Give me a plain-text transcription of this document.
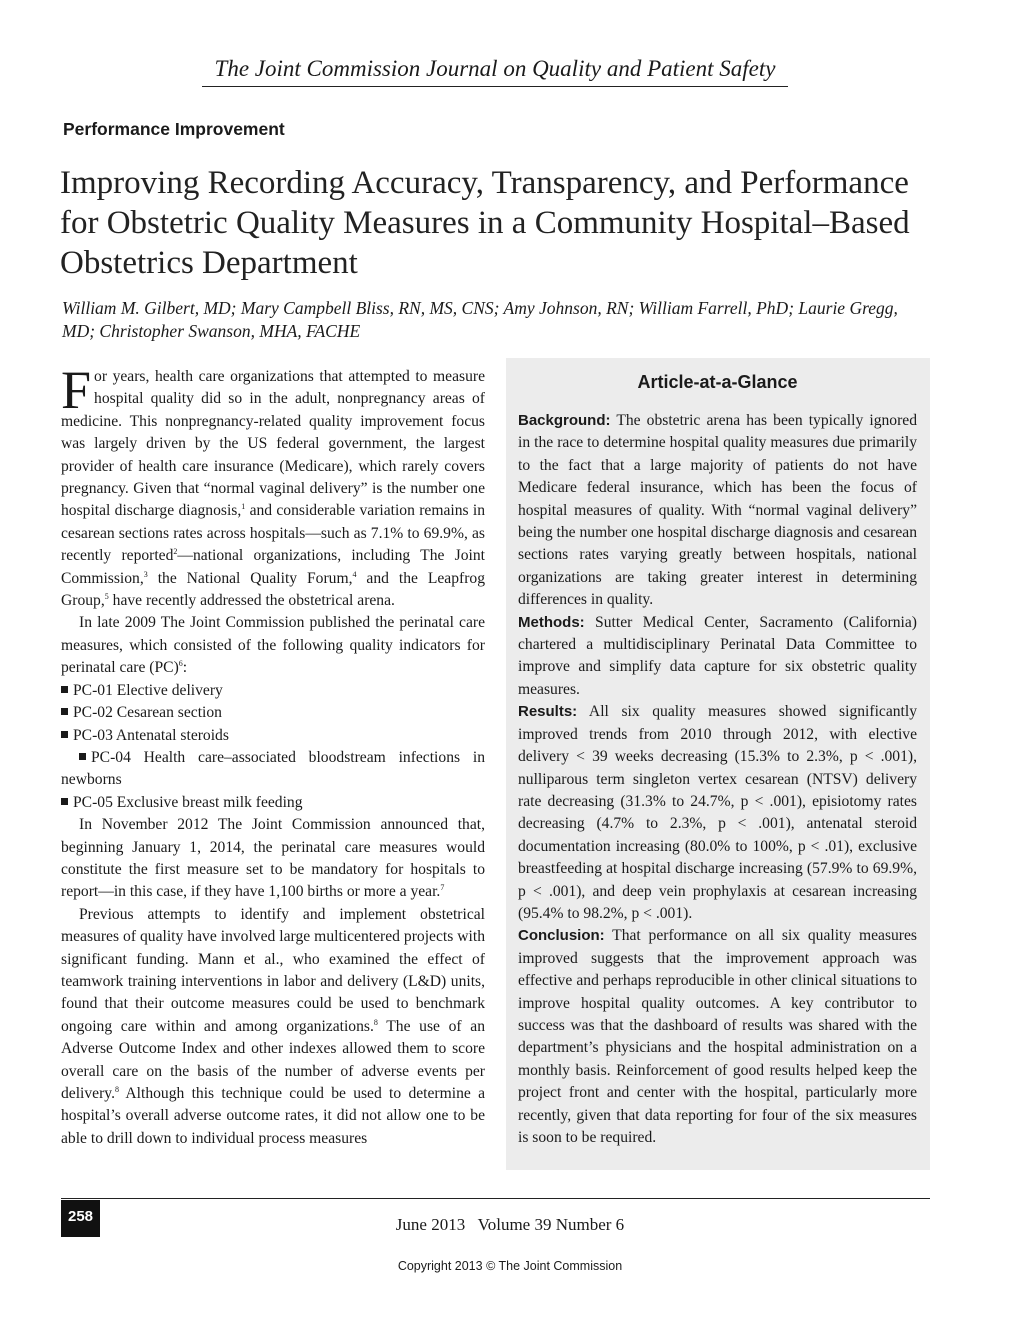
The Joint Commission Journal on Quality and Patient Safety
Performance Improvement
Improving Recording Accuracy, Transparency, and Performance
for Obstetric Quality Measures in a Community Hospital–Based
Obstetrics Department
William M. Gilbert, MD; Mary Campbell Bliss, RN, MS, CNS; Amy Johnson, RN; William Farrell, PhD; Laurie Gregg,
MD; Christopher Swanson, MHA, FACHE

For years, health care organizations that attempted to measure hospital quality did so in the adult, nonpregnancy areas of medicine. This nonpregnancy-related quality improvement focus was largely driven by the US federal government, the largest provider of health care insurance (Medicare), which rarely covers pregnancy. Given that “normal vaginal delivery” is the number one hospital discharge diagnosis,$^1$ and considerable variation remains in cesarean sections rates across hospitals—such as 7.1% to 69.9%, as recently reported$^2$—national organizations, including The Joint Commission,$^3$ the National Quality Forum,$^4$ and the Leapfrog Group,$^5$ have recently addressed the obstetrical arena.

In late 2009 The Joint Commission published the perinatal care measures, which consisted of the following quality indicators for perinatal care (PC)$^6$:

PC-01 Elective delivery

PC-02 Cesarean section

PC-03 Antenatal steroids

PC-04 Health care–associated bloodstream infections in newborns

PC-05 Exclusive breast milk feeding

In November 2012 The Joint Commission announced that, beginning January 1, 2014, the perinatal care measures would constitute the first measure set to be mandatory for hospitals to report—in this case, if they have 1,100 births or more a year.$^7$

Previous attempts to identify and implement obstetrical measures of quality have involved large multicentered projects with significant funding. Mann et al., who examined the effect of teamwork training interventions in labor and delivery (L&D) units, found that their outcome measures could be used to benchmark ongoing care within and among organizations.$^8$ The use of an Adverse Outcome Index and other indexes allowed them to score overall care on the basis of the number of adverse events per delivery.$^8$ Although this technique could be used to determine a hospital’s overall adverse outcome rates, it did not allow one to be able to drill down to individual process measures

Article-at-a-Glance

Background: The obstetric arena has been typically ignored in the race to determine hospital quality measures due primarily to the fact that a large majority of patients do not have Medicare federal insurance, which has been the focus of hospital measures of quality. With “normal vaginal delivery” being the number one hospital discharge diagnosis and cesarean sections rates varying greatly between hospitals, national organizations are taking greater interest in determining differences in quality.

Methods: Sutter Medical Center, Sacramento (California) chartered a multidisciplinary Perinatal Data Committee to improve and simplify data capture for six obstetric quality measures.

Results: All six quality measures showed significantly improved trends from 2010 through 2012, with elective delivery < 39 weeks decreasing (15.3% to 2.3%, p < .001), nulliparous term singleton vertex cesarean (NTSV) delivery rate decreasing (31.3% to 24.7%, p < .001), episiotomy rates decreasing (4.7% to 2.3%, p < .001), antenatal steroid documentation increasing (80.0% to 100%, p < .01), exclusive breastfeeding at hospital discharge increasing (57.9% to 69.9%, p < .001), and deep vein prophylaxis at cesarean increasing (95.4% to 98.2%, p < .001).

Conclusion: That performance on all six quality measures improved suggests that the improvement approach was effective and perhaps reproducible in other clinical situations to improve hospital quality outcomes. A key contributor to success was that the dashboard of results was shared with the department’s physicians and the hospital administration on a monthly basis. Reinforcement of good results helped keep the project front and center with the hospital, particularly more recently, given that data reporting for four of the six measures is soon to be required.

258	June 2013   Volume 39 Number 6
Copyright 2013 © The Joint Commission
